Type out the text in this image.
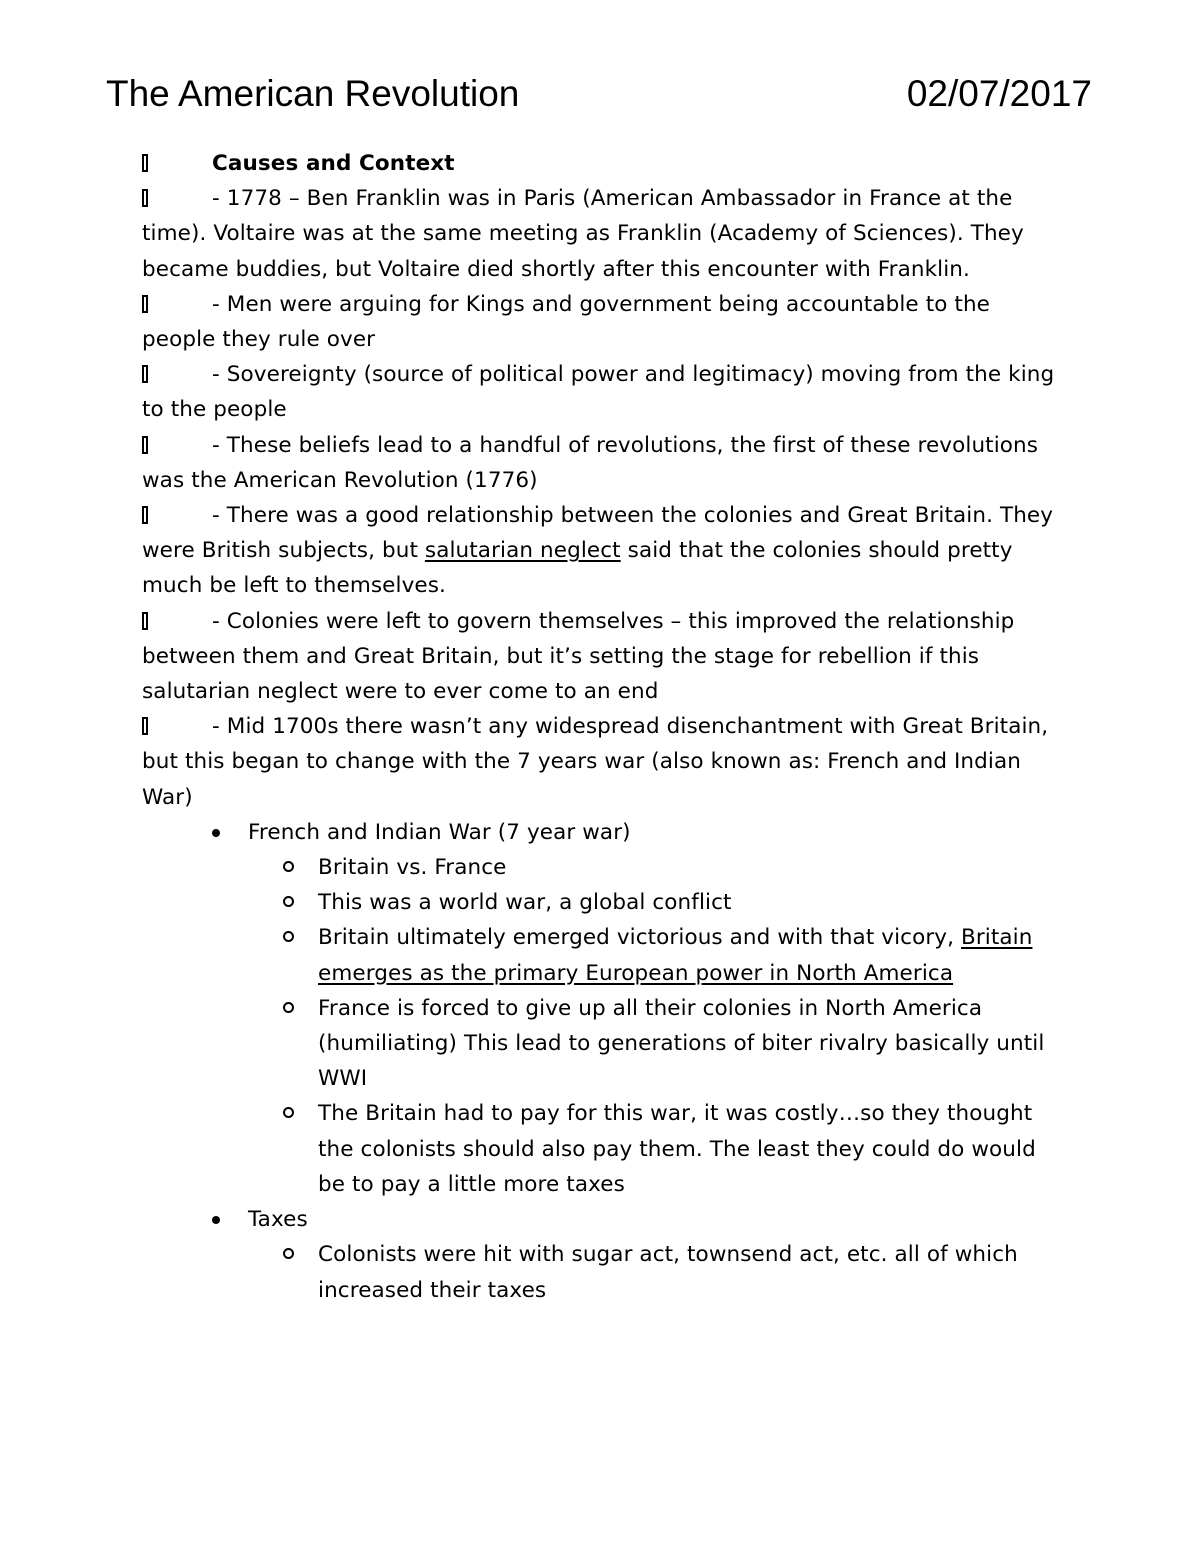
The American Revolution	02/07/2017
Causes and Context
- 1778 – Ben Franklin was in Paris (American Ambassador in France at the time). Voltaire was at the same meeting as Franklin (Academy of Sciences). They became buddies, but Voltaire died shortly after this encounter with Franklin.
- Men were arguing for Kings and government being accountable to the people they rule over
- Sovereignty (source of political power and legitimacy) moving from the king to the people
- These beliefs lead to a handful of revolutions, the first of these revolutions was the American Revolution (1776)
- There was a good relationship between the colonies and Great Britain. They were British subjects, but salutarian neglect said that the colonies should pretty much be left to themselves.
- Colonies were left to govern themselves – this improved the relationship between them and Great Britain, but it’s setting the stage for rebellion if this salutarian neglect were to ever come to an end
- Mid 1700s there wasn’t any widespread disenchantment with Great Britain, but this began to change with the 7 years war (also known as: French and Indian War)
French and Indian War (7 year war)
Britain vs. France
This was a world war, a global conflict
Britain ultimately emerged victorious and with that vicory, Britain emerges as the primary European power in North America
France is forced to give up all their colonies in North America (humiliating) This lead to generations of biter rivalry basically until WWI
The Britain had to pay for this war, it was costly…so they thought the colonists should also pay them. The least they could do would be to pay a little more taxes
Taxes
Colonists were hit with sugar act, townsend act, etc. all of which increased their taxes
